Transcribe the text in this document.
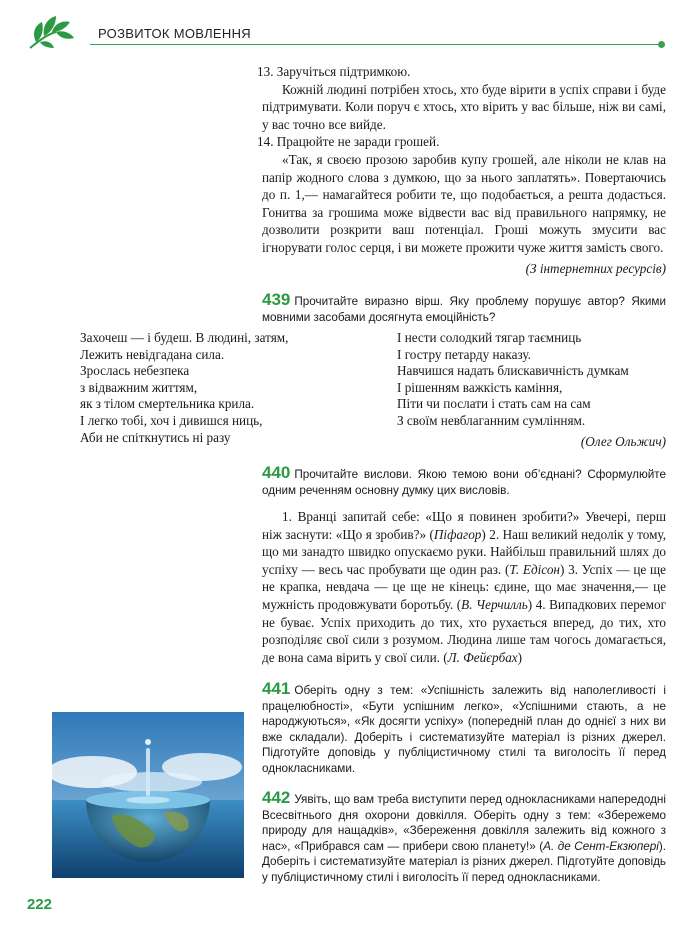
РОЗВИТОК МОВЛЕННЯ

13. Заручіться підтримкою.

Кожній людині потрібен хтось, хто буде вірити в успіх справи і буде підтримувати. Коли поруч є хтось, хто вірить у вас більше, ніж ви самі, у вас точно все вийде.

14. Працюйте не заради грошей.

«Так, я своєю прозою заробив купу грошей, але ніколи не клав на папір жодного слова з думкою, що за нього заплатять». Повертаючись до п. 1,— намагайтеся робити те, що подобається, а решта додасться. Гонитва за грошима може відвести вас від правильного напрямку, не дозволити розкрити ваш потенціал. Гроші можуть змусити вас ігнорувати голос серця, і ви можете прожити чуже життя замість свого.

(З інтернетних ресурсів)

439 Прочитайте виразно вірш. Яку проблему порушує автор? Якими мовними засобами досягнута емоційність?
Захочеш — і будеш. В людині, затям,
Лежить невідгадана сила.
Зрослась небезпека
з відважним життям,
як з тілом смертельника крила.
І легко тобі, хоч і дивишся ниць,
Аби не спіткнутись ні разу
І нести солодкий тягар таємниць
І гостру петарду наказу.
Навчишся надать блискавичність думкам
І рішенням важкість каміння,
Піти чи послати і стать сам на сам
З своїм невблаганним сумлінням.
(Олег Ольжич)
440 Прочитайте вислови. Якою темою вони об’єднані? Сформулюйте одним реченням основну думку цих висловів.

1. Вранці запитай себе: «Що я повинен зробити?» Увечері, перш ніж заснути: «Що я зробив?» (Піфагор) 2. Наш великий недолік у тому, що ми занадто швидко опускаємо руки. Найбільш правильний шлях до успіху — весь час пробувати ще один раз. (Т. Едісон) 3. Успіх — це ще не крапка, невдача — це ще не кінець: єдине, що має значення,— це мужність продовжувати боротьбу. (В. Черчилль) 4. Випадкових перемог не буває. Успіх приходить до тих, хто рухається вперед, до тих, хто розподіляє свої сили з розумом. Людина лише там чогось домагається, де вона сама вірить у свої сили. (Л. Фейєрбах)

441 Оберіть одну з тем: «Успішність залежить від наполегливості і працелюбності», «Бути успішним легко», «Успішними стають, а не народжуються», «Як досягти успіху» (попередній план до однієї з них ви вже складали). Доберіть і систематизуйте матеріал із різних джерел. Підготуйте доповідь у публіцистичному стилі та виголосіть її перед однокласниками.
442 Уявіть, що вам треба виступити перед однокласниками напередодні Всесвітнього дня охорони довкілля. Оберіть одну з тем: «Збережемо природу для нащадків», «Збереження довкілля залежить від кожного з нас», «Прибрався сам — прибери свою планету!» (А. де Сент-Екзюпері). Доберіть і систематизуйте матеріал із різних джерел. Підготуйте доповідь у публіцистичному стилі і виголосіть її перед однокласниками.
222
